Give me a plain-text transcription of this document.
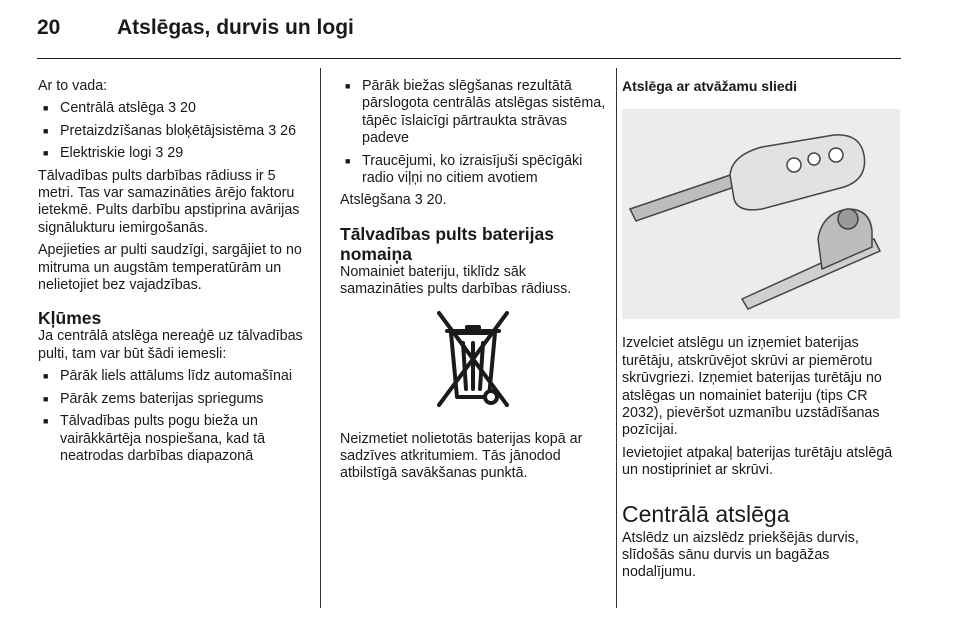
20	Atslēgas, durvis un logi

Ar to vada:

■ Centrālā atslēga 3 20
■ Pretaizdzīšanas bloķētājsistēma 3 26
■ Elektriskie logi 3 29

Tālvadības pults darbības rādiuss ir 5 metri. Tas var samazināties ārējo faktoru ietekmē. Pults darbību apstiprina avārijas signālukturu iemirgošanās.

Apejieties ar pulti saudzīgi, sargājiet to no mitruma un augstām temperatūrām un nelietojiet bez vajadzības.

Kļūmes

Ja centrālā atslēga nereaģē uz tālvadības pulti, tam var būt šādi iemesli:

■ Pārāk liels attālums līdz automašīnai
■ Pārāk zems baterijas spriegums
■ Tālvadības pults pogu bieža un vairākkārtēja nospiešana, kad tā neatrodas darbības diapazonā
■ Pārāk biežas slēgšanas rezultātā pārslogota centrālās atslēgas sistēma, tāpēc īslaicīgi pārtraukta strāvas padeve
■ Traucējumi, ko izraisījuši spēcīgāki radio viļņi no citiem avotiem

Atslēgšana 3 20.

Tālvadības pults baterijas nomaiņa

Nomainiet bateriju, tiklīdz sāk samazināties pults darbības rādiuss.

Neizmetiet nolietotās baterijas kopā ar sadzīves atkritumiem. Tās jānodod atbilstīgā savākšanas punktā.

Atslēga ar atvāžamu sliedi

Izvelciet atslēgu un izņemiet baterijas turētāju, atskrūvējot skrūvi ar piemērotu skrūvgriezi. Izņemiet baterijas turētāju no atslēgas un nomainiet bateriju (tips CR 2032), pievēršot uzmanību uzstādīšanas pozīcijai.

Ievietojiet atpakaļ baterijas turētāju atslēgā un nostipriniet ar skrūvi.

Centrālā atslēga

Atslēdz un aizslēdz priekšējās durvis, slīdošās sānu durvis un bagāžas nodalījumu.
